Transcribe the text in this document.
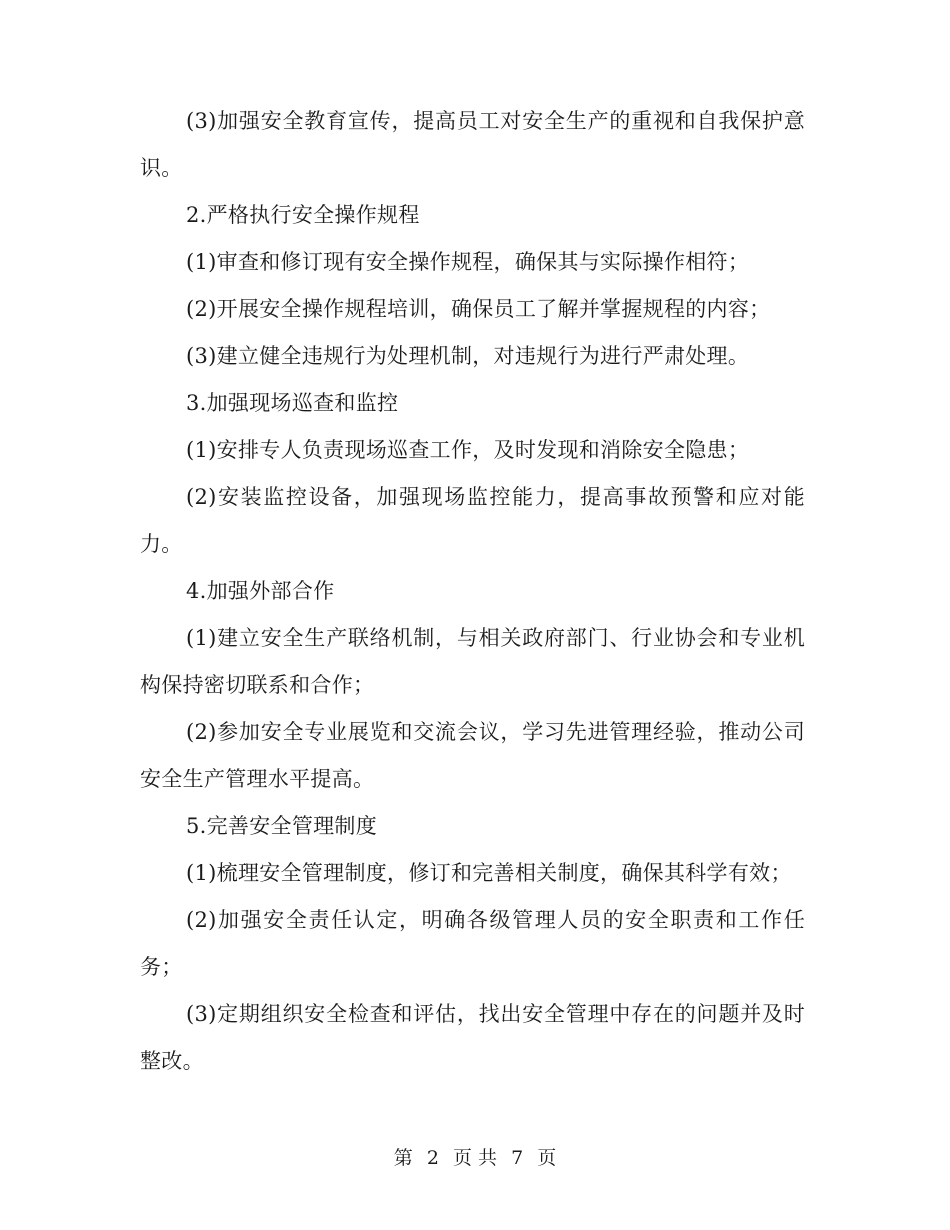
(3)加强安全教育宣传，提高员工对安全生产的重视和自我保护意识。

2.严格执行安全操作规程

(1)审查和修订现有安全操作规程，确保其与实际操作相符；

(2)开展安全操作规程培训，确保员工了解并掌握规程的内容；

(3)建立健全违规行为处理机制，对违规行为进行严肃处理。

3.加强现场巡查和监控

(1)安排专人负责现场巡查工作，及时发现和消除安全隐患；

(2)安装监控设备，加强现场监控能力，提高事故预警和应对能力。

4.加强外部合作

(1)建立安全生产联络机制，与相关政府部门、行业协会和专业机构保持密切联系和合作；

(2)参加安全专业展览和交流会议，学习先进管理经验，推动公司安全生产管理水平提高。

5.完善安全管理制度

(1)梳理安全管理制度，修订和完善相关制度，确保其科学有效；

(2)加强安全责任认定，明确各级管理人员的安全职责和工作任务；

(3)定期组织安全检查和评估，找出安全管理中存在的问题并及时整改。

第 2 页 共 7 页
